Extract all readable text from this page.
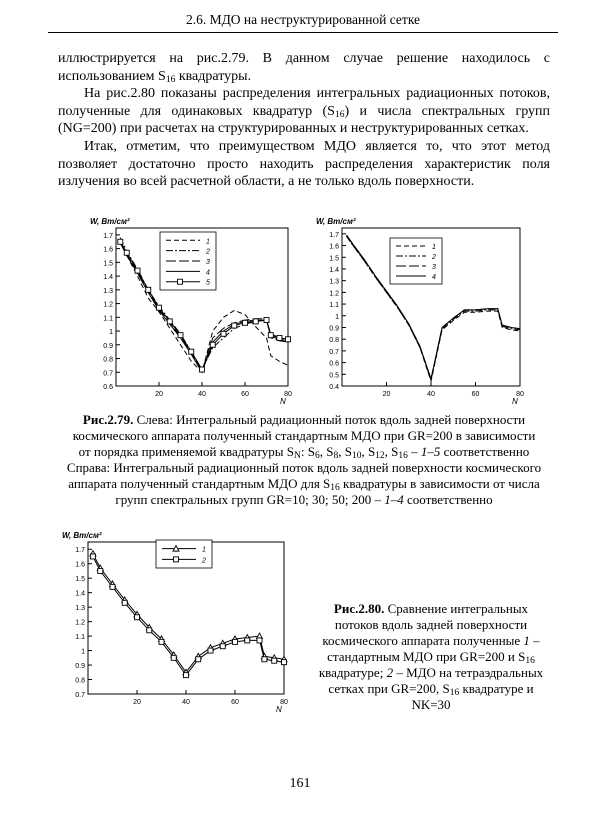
2.6. МДО на неструктурированной сетке

иллюстрируется на рис.2.79. В данном случае решение находилось с использованием $S_{16}$ квадратуры.

На рис.2.80 показаны распределения интегральных радиационных потоков, полученные для одинаковых квадратур $(S_{16})$ и числа спектральных групп (NG=200) при расчетах на структурированных и неструктурированных сетках.

Итак, отметим, что преимуществом МДО является то, что этот метод позволяет достаточно просто находить распределения характеристик поля излучения во всей расчетной области, а не только вдоль поверхности.

0.6
0.7
0.8
0.9
1
1.1
1.2
1.3
1.4
1.5
1.6
1.7
20	40	60	80
W, Вт/см²
N
1
2
3
4
5
0.4
0.5
0.6
0.7
0.8
0.9
1
1.1
1.2
1.3
1.4
1.5
1.6
1.7
20	40	60	80
W, Вт/см²
N
1
2
3
4
Рис.2.79. Слева: Интегральный радиационный поток вдоль задней поверхности космического аппарата полученный стандартным МДО при GR=200 в зависимости от порядка применяемой квадратуры $S_N$: $S_6$, $S_8$, $S_{10}$, $S_{12}$, $S_{16} - 1-5$ соответственно
Справа: Интегральный радиационный поток вдоль задней поверхности космического аппарата полученный стандартным МДО для $S_{16}$ квадратуры в зависимости от числа групп спектральных групп GR=10; 30; 50; 200 – 1–4 соответственно
0.7
0.8
0.9
1
1.1
1.2
1.3
1.4
1.5
1.6
1.7
20	40	60	80
W, Вт/см²
N
1
2
Рис.2.80. Сравнение интегральных потоков вдоль задней поверхности космического аппарата полученные 1 – стандартным МДО при GR=200 и $S_{16}$ квадратуре; 2 – МДО на тетраэдральных сетках при GR=200, $S_{16}$ квадратуре и NK=30
161
